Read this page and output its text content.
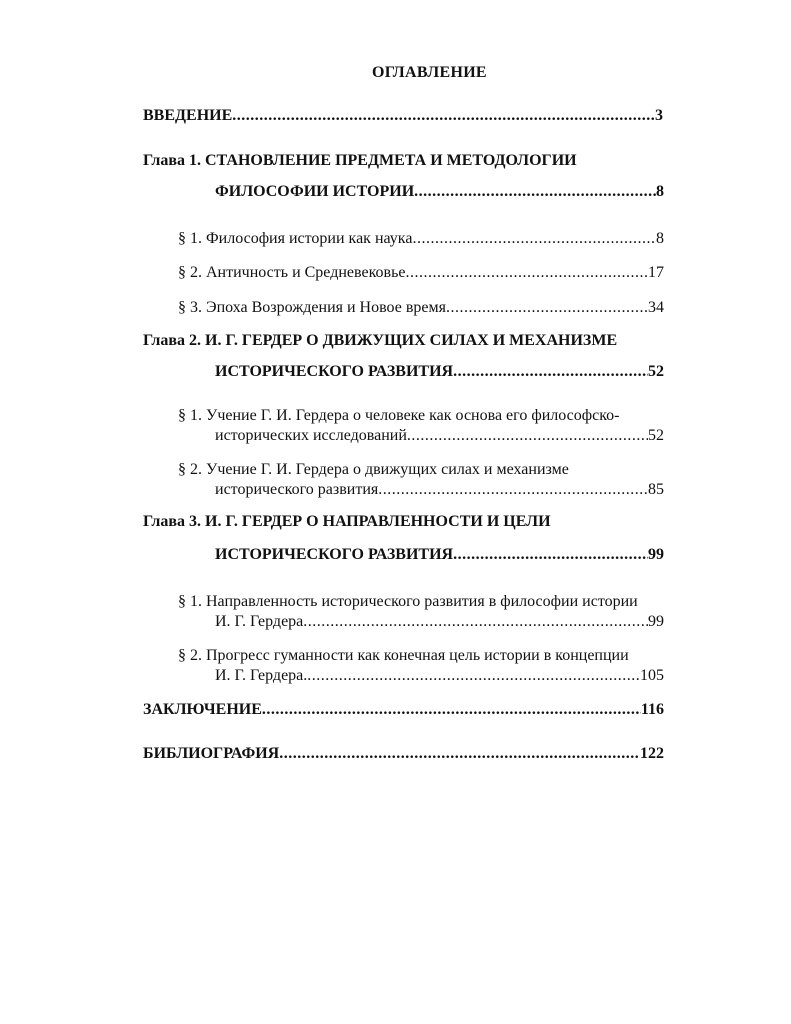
ОГЛАВЛЕНИЕ
ВВЕДЕНИЕ .....	3
Глава 1. СТАНОВЛЕНИЕ ПРЕДМЕТА И МЕТОДОЛОГИИ
ФИЛОСОФИИ ИСТОРИИ .....	8
§ 1. Философия истории как наука .....	8
§ 2. Античность и Средневековье .....	17
§ 3. Эпоха Возрождения и Новое время .....	34
Глава 2. И. Г. ГЕРДЕР О ДВИЖУЩИХ СИЛАХ И МЕХАНИЗМЕ
ИСТОРИЧЕСКОГО РАЗВИТИЯ .....	52
§ 1. Учение Г. И. Гердера о человеке как основа его философско-
исторических исследований .....	52
§ 2. Учение Г. И. Гердера о движущих силах и механизме
исторического развития .....	85
Глава 3. И. Г. ГЕРДЕР О НАПРАВЛЕННОСТИ И ЦЕЛИ
ИСТОРИЧЕСКОГО РАЗВИТИЯ .....	99
§ 1. Направленность исторического развития в философии истории
И. Г. Гердера .....	99
§ 2. Прогресс гуманности как конечная цель истории в концепции
И. Г. Гердера. .....	105
ЗАКЛЮЧЕНИЕ .....	116
БИБЛИОГРАФИЯ .....	122
